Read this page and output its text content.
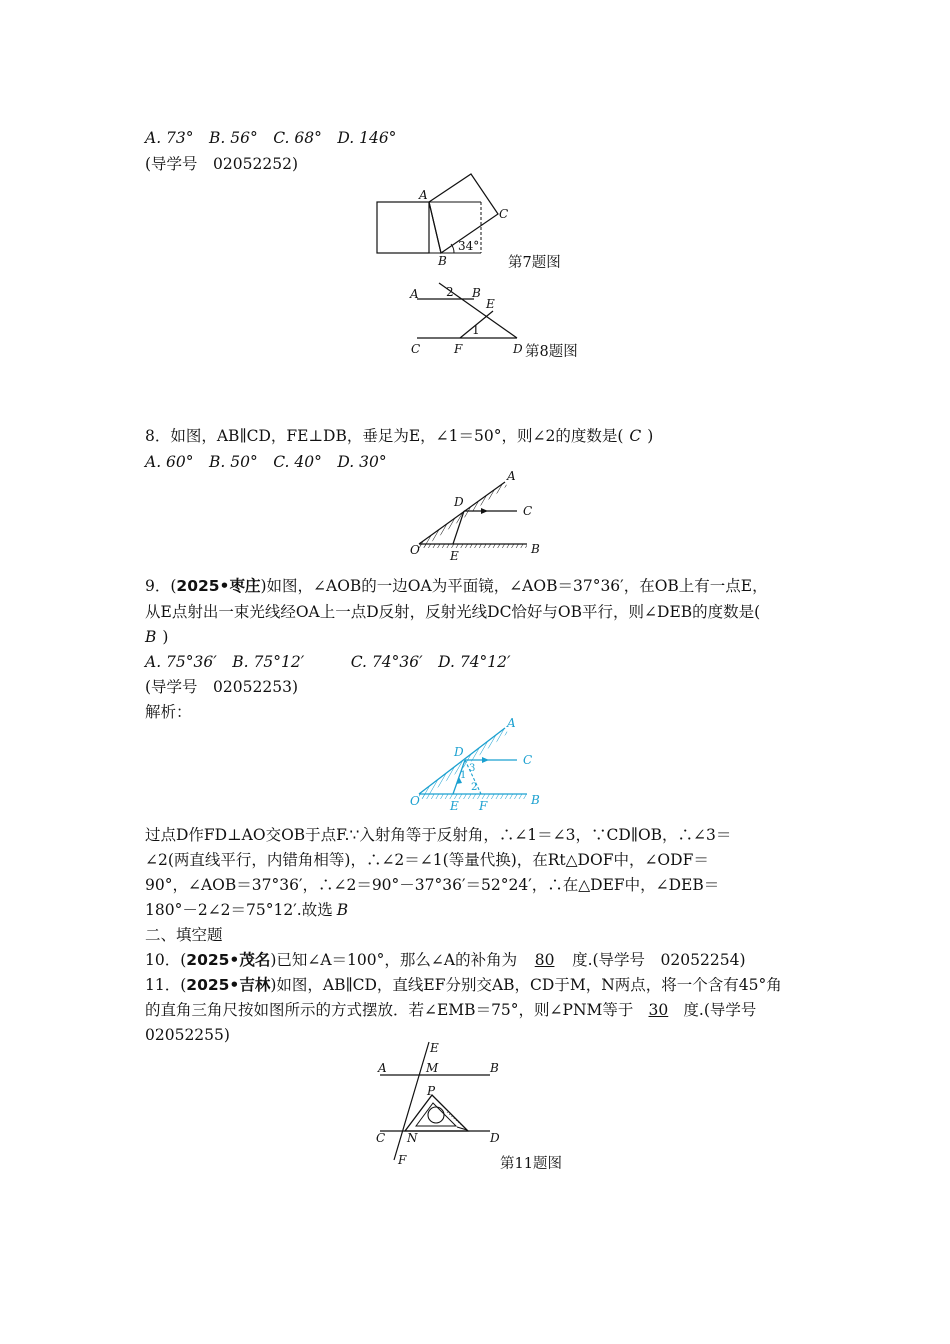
A. 73°　B. 56°　C. 68°　D. 146°
(导学号　02052252)
A
C
B
34°
第7题图
A 2 B
E
1
C	F	D 第8题图
8．如图，AB∥CD，FE⊥DB，垂足为E，∠1＝50°，则∠2的度数是( C )
A. 60°　B. 50°　C. 40°　D. 30°
A
D
C
O	E	B
9．(2025•枣庄)如图，∠AOB的一边OA为平面镜，∠AOB＝37°36′，在OB上有一点E，
从E点射出一束光线经OA上一点D反射，反射光线DC恰好与OB平行，则∠DEB的度数是(
B )
A. 75°36′　B. 75°12′　　　C. 74°36′　D. 74°12′
(导学号　02052253)
解析：
A
D
3
1
2
C
O	E F	B
过点D作FD⊥AO交OB于点F.∵入射角等于反射角，∴∠1＝∠3，∵CD∥OB，∴∠3＝
∠2(两直线平行，内错角相等)，∴∠2＝∠1(等量代换)，在Rt△DOF中，∠ODF＝
90°，∠AOB＝37°36′，∴∠2＝90°－37°36′＝52°24′，∴在△DEF中，∠DEB＝
180°－2∠2＝75°12′.故选 B
二、填空题
10．(2025•茂名)已知∠A＝100°，那么∠A的补角为 80 度.(导学号　02052254)
11．(2025•吉林)如图，AB∥CD，直线EF分别交AB，CD于M，N两点，将一个含有45°角
的直角三角尺按如图所示的方式摆放．若∠EMB＝75°，则∠PNM等于 30 度.(导学号
02052255)
E
A	M	B
P
C N	D
F	第11题图
